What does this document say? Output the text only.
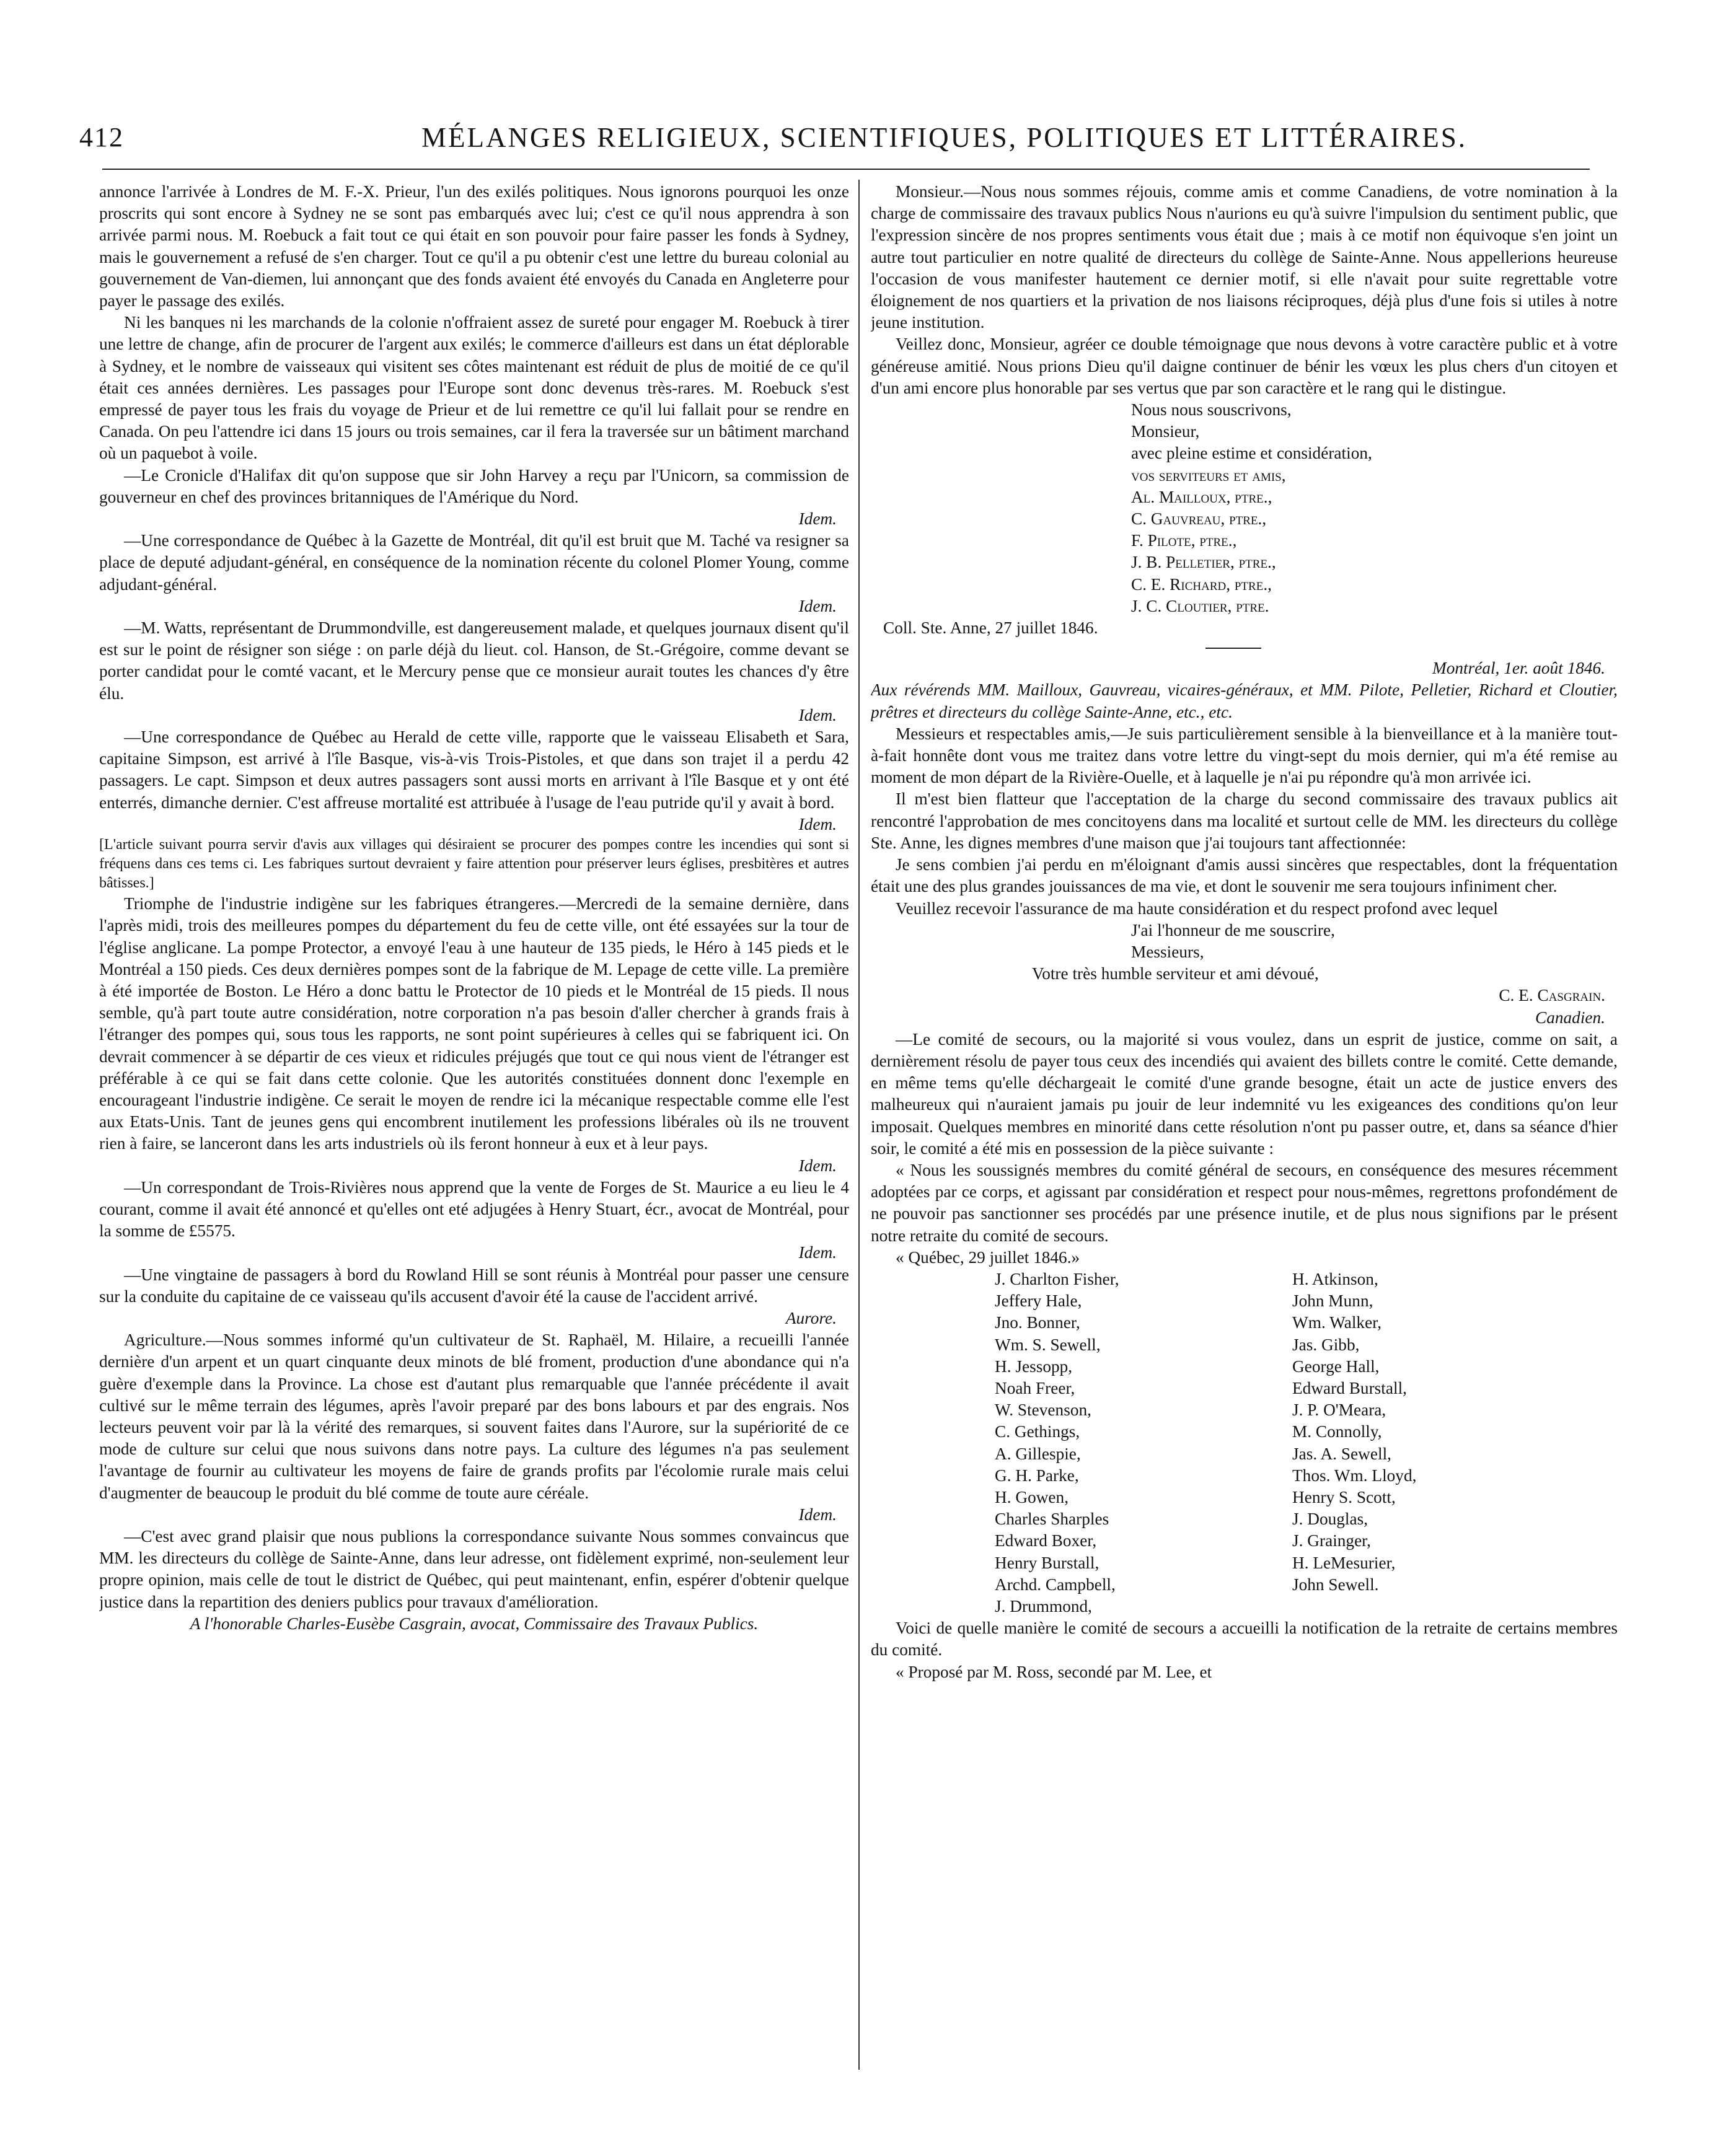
412	MÉLANGES RELIGIEUX, SCIENTIFIQUES, POLITIQUES ET LITTÉRAIRES.

annonce l'arrivée à Londres de M. F.-X. Prieur, l'un des exilés politiques. Nous ignorons pourquoi les onze proscrits qui sont encore à Sydney ne se sont pas embarqués avec lui; c'est ce qu'il nous apprendra à son arrivée parmi nous. M. Roebuck a fait tout ce qui était en son pouvoir pour faire passer les fonds à Sydney, mais le gouvernement a refusé de s'en charger. Tout ce qu'il a pu obtenir c'est une lettre du bureau colonial au gouvernement de Van-diemen, lui annonçant que des fonds avaient été envoyés du Canada en Angleterre pour payer le passage des exilés.

Ni les banques ni les marchands de la colonie n'offraient assez de sureté pour engager M. Roebuck à tirer une lettre de change, afin de procurer de l'argent aux exilés; le commerce d'ailleurs est dans un état déplorable à Sydney, et le nombre de vaisseaux qui visitent ses côtes maintenant est réduit de plus de moitié de ce qu'il était ces années dernières. Les passages pour l'Europe sont donc devenus très-rares. M. Roebuck s'est empressé de payer tous les frais du voyage de Prieur et de lui remettre ce qu'il lui fallait pour se rendre en Canada. On peu l'attendre ici dans 15 jours ou trois semaines, car il fera la traversée sur un bâtiment marchand où un paquebot à voile.

—Le Cronicle d'Halifax dit qu'on suppose que sir John Harvey a reçu par l'Unicorn, sa commission de gouverneur en chef des provinces britanniques de l'Amérique du Nord.

Idem.

—Une correspondance de Québec à la Gazette de Montréal, dit qu'il est bruit que M. Taché va resigner sa place de deputé adjudant-général, en conséquence de la nomination récente du colonel Plomer Young, comme adjudant-général.

Idem.

—M. Watts, représentant de Drummondville, est dangereusement malade, et quelques journaux disent qu'il est sur le point de résigner son siége : on parle déjà du lieut. col. Hanson, de St.-Grégoire, comme devant se porter candidat pour le comté vacant, et le Mercury pense que ce monsieur aurait toutes les chances d'y être élu.

Idem.

—Une correspondance de Québec au Herald de cette ville, rapporte que le vaisseau Elisabeth et Sara, capitaine Simpson, est arrivé à l'île Basque, vis-à-vis Trois-Pistoles, et que dans son trajet il a perdu 42 passagers. Le capt. Simpson et deux autres passagers sont aussi morts en arrivant à l'île Basque et y ont été enterrés, dimanche dernier. C'est affreuse mortalité est attribuée à l'usage de l'eau putride qu'il y avait à bord.

Idem.

[L'article suivant pourra servir d'avis aux villages qui désiraient se procurer des pompes contre les incendies qui sont si fréquens dans ces tems ci. Les fabriques surtout devraient y faire attention pour préserver leurs églises, presbitères et autres bâtisses.]

Triomphe de l'industrie indigène sur les fabriques étrangeres.—Mercredi de la semaine dernière, dans l'après midi, trois des meilleures pompes du département du feu de cette ville, ont été essayées sur la tour de l'église anglicane. La pompe Protector, a envoyé l'eau à une hauteur de 135 pieds, le Héro à 145 pieds et le Montréal a 150 pieds. Ces deux dernières pompes sont de la fabrique de M. Lepage de cette ville. La première à été importée de Boston. Le Héro a donc battu le Protector de 10 pieds et le Montréal de 15 pieds. Il nous semble, qu'à part toute autre considération, notre corporation n'a pas besoin d'aller chercher à grands frais à l'étranger des pompes qui, sous tous les rapports, ne sont point supérieures à celles qui se fabriquent ici. On devrait commencer à se départir de ces vieux et ridicules préjugés que tout ce qui nous vient de l'étranger est préférable à ce qui se fait dans cette colonie. Que les autorités constituées donnent donc l'exemple en encourageant l'industrie indigène. Ce serait le moyen de rendre ici la mécanique respectable comme elle l'est aux Etats-Unis. Tant de jeunes gens qui encombrent inutilement les professions libérales où ils ne trouvent rien à faire, se lanceront dans les arts industriels où ils feront honneur à eux et à leur pays.

Idem.

—Un correspondant de Trois-Rivières nous apprend que la vente de Forges de St. Maurice a eu lieu le 4 courant, comme il avait été annoncé et qu'elles ont eté adjugées à Henry Stuart, écr., avocat de Montréal, pour la somme de £5575.

Idem.

—Une vingtaine de passagers à bord du Rowland Hill se sont réunis à Montréal pour passer une censure sur la conduite du capitaine de ce vaisseau qu'ils accusent d'avoir été la cause de l'accident arrivé.

Aurore.

Agriculture.—Nous sommes informé qu'un cultivateur de St. Raphaël, M. Hilaire, a recueilli l'année dernière d'un arpent et un quart cinquante deux minots de blé froment, production d'une abondance qui n'a guère d'exemple dans la Province. La chose est d'autant plus remarquable que l'année précédente il avait cultivé sur le même terrain des légumes, après l'avoir preparé par des bons labours et par des engrais. Nos lecteurs peuvent voir par là la vérité des remarques, si souvent faites dans l'Aurore, sur la supériorité de ce mode de culture sur celui que nous suivons dans notre pays. La culture des légumes n'a pas seulement l'avantage de fournir au cultivateur les moyens de faire de grands profits par l'écolomie rurale mais celui d'augmenter de beaucoup le produit du blé comme de toute aure céréale.

Idem.

—C'est avec grand plaisir que nous publions la correspondance suivante Nous sommes convaincus que MM. les directeurs du collège de Sainte-Anne, dans leur adresse, ont fidèlement exprimé, non-seulement leur propre opinion, mais celle de tout le district de Québec, qui peut maintenant, enfin, espérer d'obtenir quelque justice dans la repartition des deniers publics pour travaux d'amélioration.

A l'honorable Charles-Eusèbe Casgrain, avocat, Commissaire des Travaux Publics.

Monsieur.—Nous nous sommes réjouis, comme amis et comme Canadiens, de votre nomination à la charge de commissaire des travaux publics Nous n'aurions eu qu'à suivre l'impulsion du sentiment public, que l'expression sincère de nos propres sentiments vous était due ; mais à ce motif non équivoque s'en joint un autre tout particulier en notre qualité de directeurs du collège de Sainte-Anne. Nous appellerions heureuse l'occasion de vous manifester hautement ce dernier motif, si elle n'avait pour suite regrettable votre éloignement de nos quartiers et la privation de nos liaisons réciproques, déjà plus d'une fois si utiles à notre jeune institution.

Veillez donc, Monsieur, agréer ce double témoignage que nous devons à votre caractère public et à votre généreuse amitié. Nous prions Dieu qu'il daigne continuer de bénir les vœux les plus chers d'un citoyen et d'un ami encore plus honorable par ses vertus que par son caractère et le rang qui le distingue.

Nous nous souscrivons,

Monsieur,

avec pleine estime et considération,

vos serviteurs et amis,

Al. Mailloux, ptre.,

C. Gauvreau, ptre.,

F. Pilote, ptre.,

J. B. Pelletier, ptre.,

C. E. Richard, ptre.,

J. C. Cloutier, ptre.

Coll. Ste. Anne, 27 juillet 1846.

Montréal, 1er. août 1846.

Aux révérends MM. Mailloux, Gauvreau, vicaires-généraux, et MM. Pilote, Pelletier, Richard et Cloutier, prêtres et directeurs du collège Sainte-Anne, etc., etc.

Messieurs et respectables amis,—Je suis particulièrement sensible à la bienveillance et à la manière tout-à-fait honnête dont vous me traitez dans votre lettre du vingt-sept du mois dernier, qui m'a été remise au moment de mon départ de la Rivière-Ouelle, et à laquelle je n'ai pu répondre qu'à mon arrivée ici.

Il m'est bien flatteur que l'acceptation de la charge du second commissaire des travaux publics ait rencontré l'approbation de mes concitoyens dans ma localité et surtout celle de MM. les directeurs du collège Ste. Anne, les dignes membres d'une maison que j'ai toujours tant affectionnée:

Je sens combien j'ai perdu en m'éloignant d'amis aussi sincères que respectables, dont la fréquentation était une des plus grandes jouissances de ma vie, et dont le souvenir me sera toujours infiniment cher.

Veuillez recevoir l'assurance de ma haute considération et du respect profond avec lequel

J'ai l'honneur de me souscrire,

Messieurs,

Votre très humble serviteur et ami dévoué,

C. E. Casgrain.

Canadien.

—Le comité de secours, ou la majorité si vous voulez, dans un esprit de justice, comme on sait, a dernièrement résolu de payer tous ceux des incendiés qui avaient des billets contre le comité. Cette demande, en même tems qu'elle déchargeait le comité d'une grande besogne, était un acte de justice envers des malheureux qui n'auraient jamais pu jouir de leur indemnité vu les exigeances des conditions qu'on leur imposait. Quelques membres en minorité dans cette résolution n'ont pu passer outre, et, dans sa séance d'hier soir, le comité a été mis en possession de la pièce suivante :

« Nous les soussignés membres du comité général de secours, en conséquence des mesures récemment adoptées par ce corps, et agissant par considération et respect pour nous-mêmes, regrettons profondément de ne pouvoir pas sanctionner ses procédés par une présence inutile, et de plus nous signifions par le présent notre retraite du comité de secours.

« Québec, 29 juillet 1846.»

J. Charlton Fisher,

Jeffery Hale,

Jno. Bonner,

Wm. S. Sewell,

H. Jessopp,

Noah Freer,

W. Stevenson,

C. Gethings,

A. Gillespie,

G. H. Parke,

H. Gowen,

Charles Sharples

Edward Boxer,

Henry Burstall,

Archd. Campbell,

J. Drummond,

H. Atkinson,

John Munn,

Wm. Walker,

Jas. Gibb,

George Hall,

Edward Burstall,

J. P. O'Meara,

M. Connolly,

Jas. A. Sewell,

Thos. Wm. Lloyd,

Henry S. Scott,

J. Douglas,

J. Grainger,

H. LeMesurier,

John Sewell.

Voici de quelle manière le comité de secours a accueilli la notification de la retraite de certains membres du comité.

« Proposé par M. Ross, secondé par M. Lee, et
